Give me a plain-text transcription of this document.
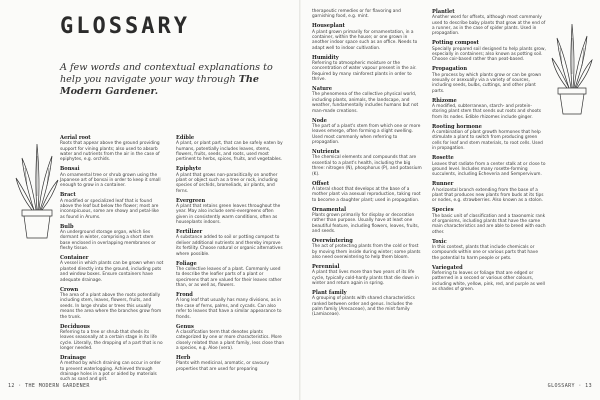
GLOSSARY

A few words and contextual explanations to help you navigate your way through The Modern Gardener.

Aerial root
Roots that appear above the ground providing support for vining plants; also used to absorb water and nutrients from the air in the case of epiphytes, e.g. orchids.
Bonsai
An ornamental tree or shrub grown using the Japanese art of bonsai in order to keep it small enough to grow in a container.
Bract
A modified or specialized leaf that is found above the leaf but below the flower; most are inconspicuous, some are showy and petal-like as found in Arums.
Bulb
An underground storage organ, which lies dormant in winter, comprising a short stem base enclosed in overlapping membranes or fleshy tissue.
Container
A vessel in which plants can be grown when not planted directly into the ground, including pots and window boxes. Ensure containers have adequate drainage.
Crown
The area of a plant above the roots potentially including stem, leaves, flowers, fruits, and seeds. In large shrubs or trees this usually means the area where the branches grow from the trunk.
Deciduous
Referring to a tree or shrub that sheds its leaves seasonally at a certain stage in its life cycle. Literally, the dropping of a part that is no longer needed.
Drainage
A method by which draining can occur in order to prevent waterlogging. Achieved through drainage holes in a pot or aided by materials such as sand and grit.
Edible
A plant, or plant part, that can be safely eaten by humans, potentially includes leaves, stems, flowers, fruits, seeds, and roots, used most pertinent to herbs, spices, fruits, and vegetables.
Epiphyte
A plant that grows non-parasitically on another plant or object such as a tree or rock, including species of orchids, bromeliads, air plants, and ferns.
Evergreen
A plant that retains green leaves throughout the year. May also include semi-evergreens often given in consistently warm conditions, often as houseplants indoors.
Fertilizer
A substance added to soil or potting compost to deliver additional nutrients and thereby improve its fertility. Choose natural or organic alternatives where possible.
Foliage
The collective leaves of a plant. Commonly used to describe the leafier parts of a plant or specimens that are valued for their leaves rather than, or as well as, flowers.
Frond
A long leaf that usually has many divisions, as in the case of ferns, palms, and cycads. Can also refer to leaves that have a similar appearance to fronds.
Genus
A classification term that denotes plants categorized by one or more characteristics. More closely related than a plant family, less close than a species, e.g. Aloe (vera).
Herb
Plants with medicinal, aromatic, or savoury properties that are used for preparing
12 · THE MODERN GARDENER
therapeutic remedies or for flavoring and garnishing food, e.g. mint.
Houseplant
A plant grown primarily for ornamentation, in a container, within the house; or one grown in another indoor space such as an office. Needs to adapt well to indoor cultivation.
Humidity
Referring to atmospheric moisture or the concentration of water vapour present in the air. Required by many rainforest plants in order to thrive.
Nature
The phenomena of the collective physical world, including plants, animals, the landscape, and weather, fundamentally includes humans but not man-made creations.
Node
The part of a plant's stem from which one or more leaves emerge, often forming a slight swelling. Used most commonly when referring to propagation.
Nutrients
The chemical elements and compounds that are essential to a plant's health, including the big three: nitrogen (N), phosphorus (P), and potassium (K).
Offset
A lateral shoot that develops at the base of a mother plant via asexual reproduction, taking root to become a daughter plant; used in propagation.
Ornamental
Plants grown primarily for display or decoration rather than purpose. Usually have at least one beautiful feature, including flowers, leaves, fruits, and seeds.
Overwintering
The act of protecting plants from the cold or frost by moving them inside during winter; some plants also need overwintering to help them bloom.
Perennial
A plant that lives more than two years of its life cycle, typically cold-hardy plants that die down in winter and return again in spring.
Plant family
A grouping of plants with shared characteristics ranked between order and genus. Includes the palm family (Arecaceae), and the mint family (Lamiaceae).
Plantlet
Another word for offsets, although most commonly used to describe baby plants that grow at the end of a runner, as in the case of spider plants. Used in propagation.
Potting compost
Specially prepared soil designed to help plants grow, especially in containers; also known as potting soil. Choose coir-based rather than peat-based.
Propagation
The process by which plants grow or can be grown sexually or asexually via a variety of sources, including seeds, bulbs, cuttings, and other plant parts.
Rhizome
A modified, subterranean, starch- and protein-storing plant stem that sends out roots and shoots from its nodes. Edible rhizomes include ginger.
Rooting hormone
A combination of plant growth hormones that help stimulate a plant to switch from producing green cells for leaf and stem materials, to root cells. Used in propagation.
Rosette
Leaves that radiate from a center stalk at or close to ground level. Includes many rosette-forming succulents, including Echeveria and Sempervivum.
Runner
A horizontal branch extending from the base of a plant that produces new plants from buds at its tips or nodes, e.g. strawberries. Also known as a stolon.
Species
The basic unit of classification and a taxonomic rank of organisms, including plants that have the same main characteristics and are able to breed with each other.
Toxic
In this context, plants that include chemicals or compounds within one or various parts that have the potential to harm people or pets.
Variegated
Referring to leaves or foliage that are edged or patterned in a second or various other colours, including white, yellow, pink, red, and purple as well as shades of green.
GLOSSARY · 13
